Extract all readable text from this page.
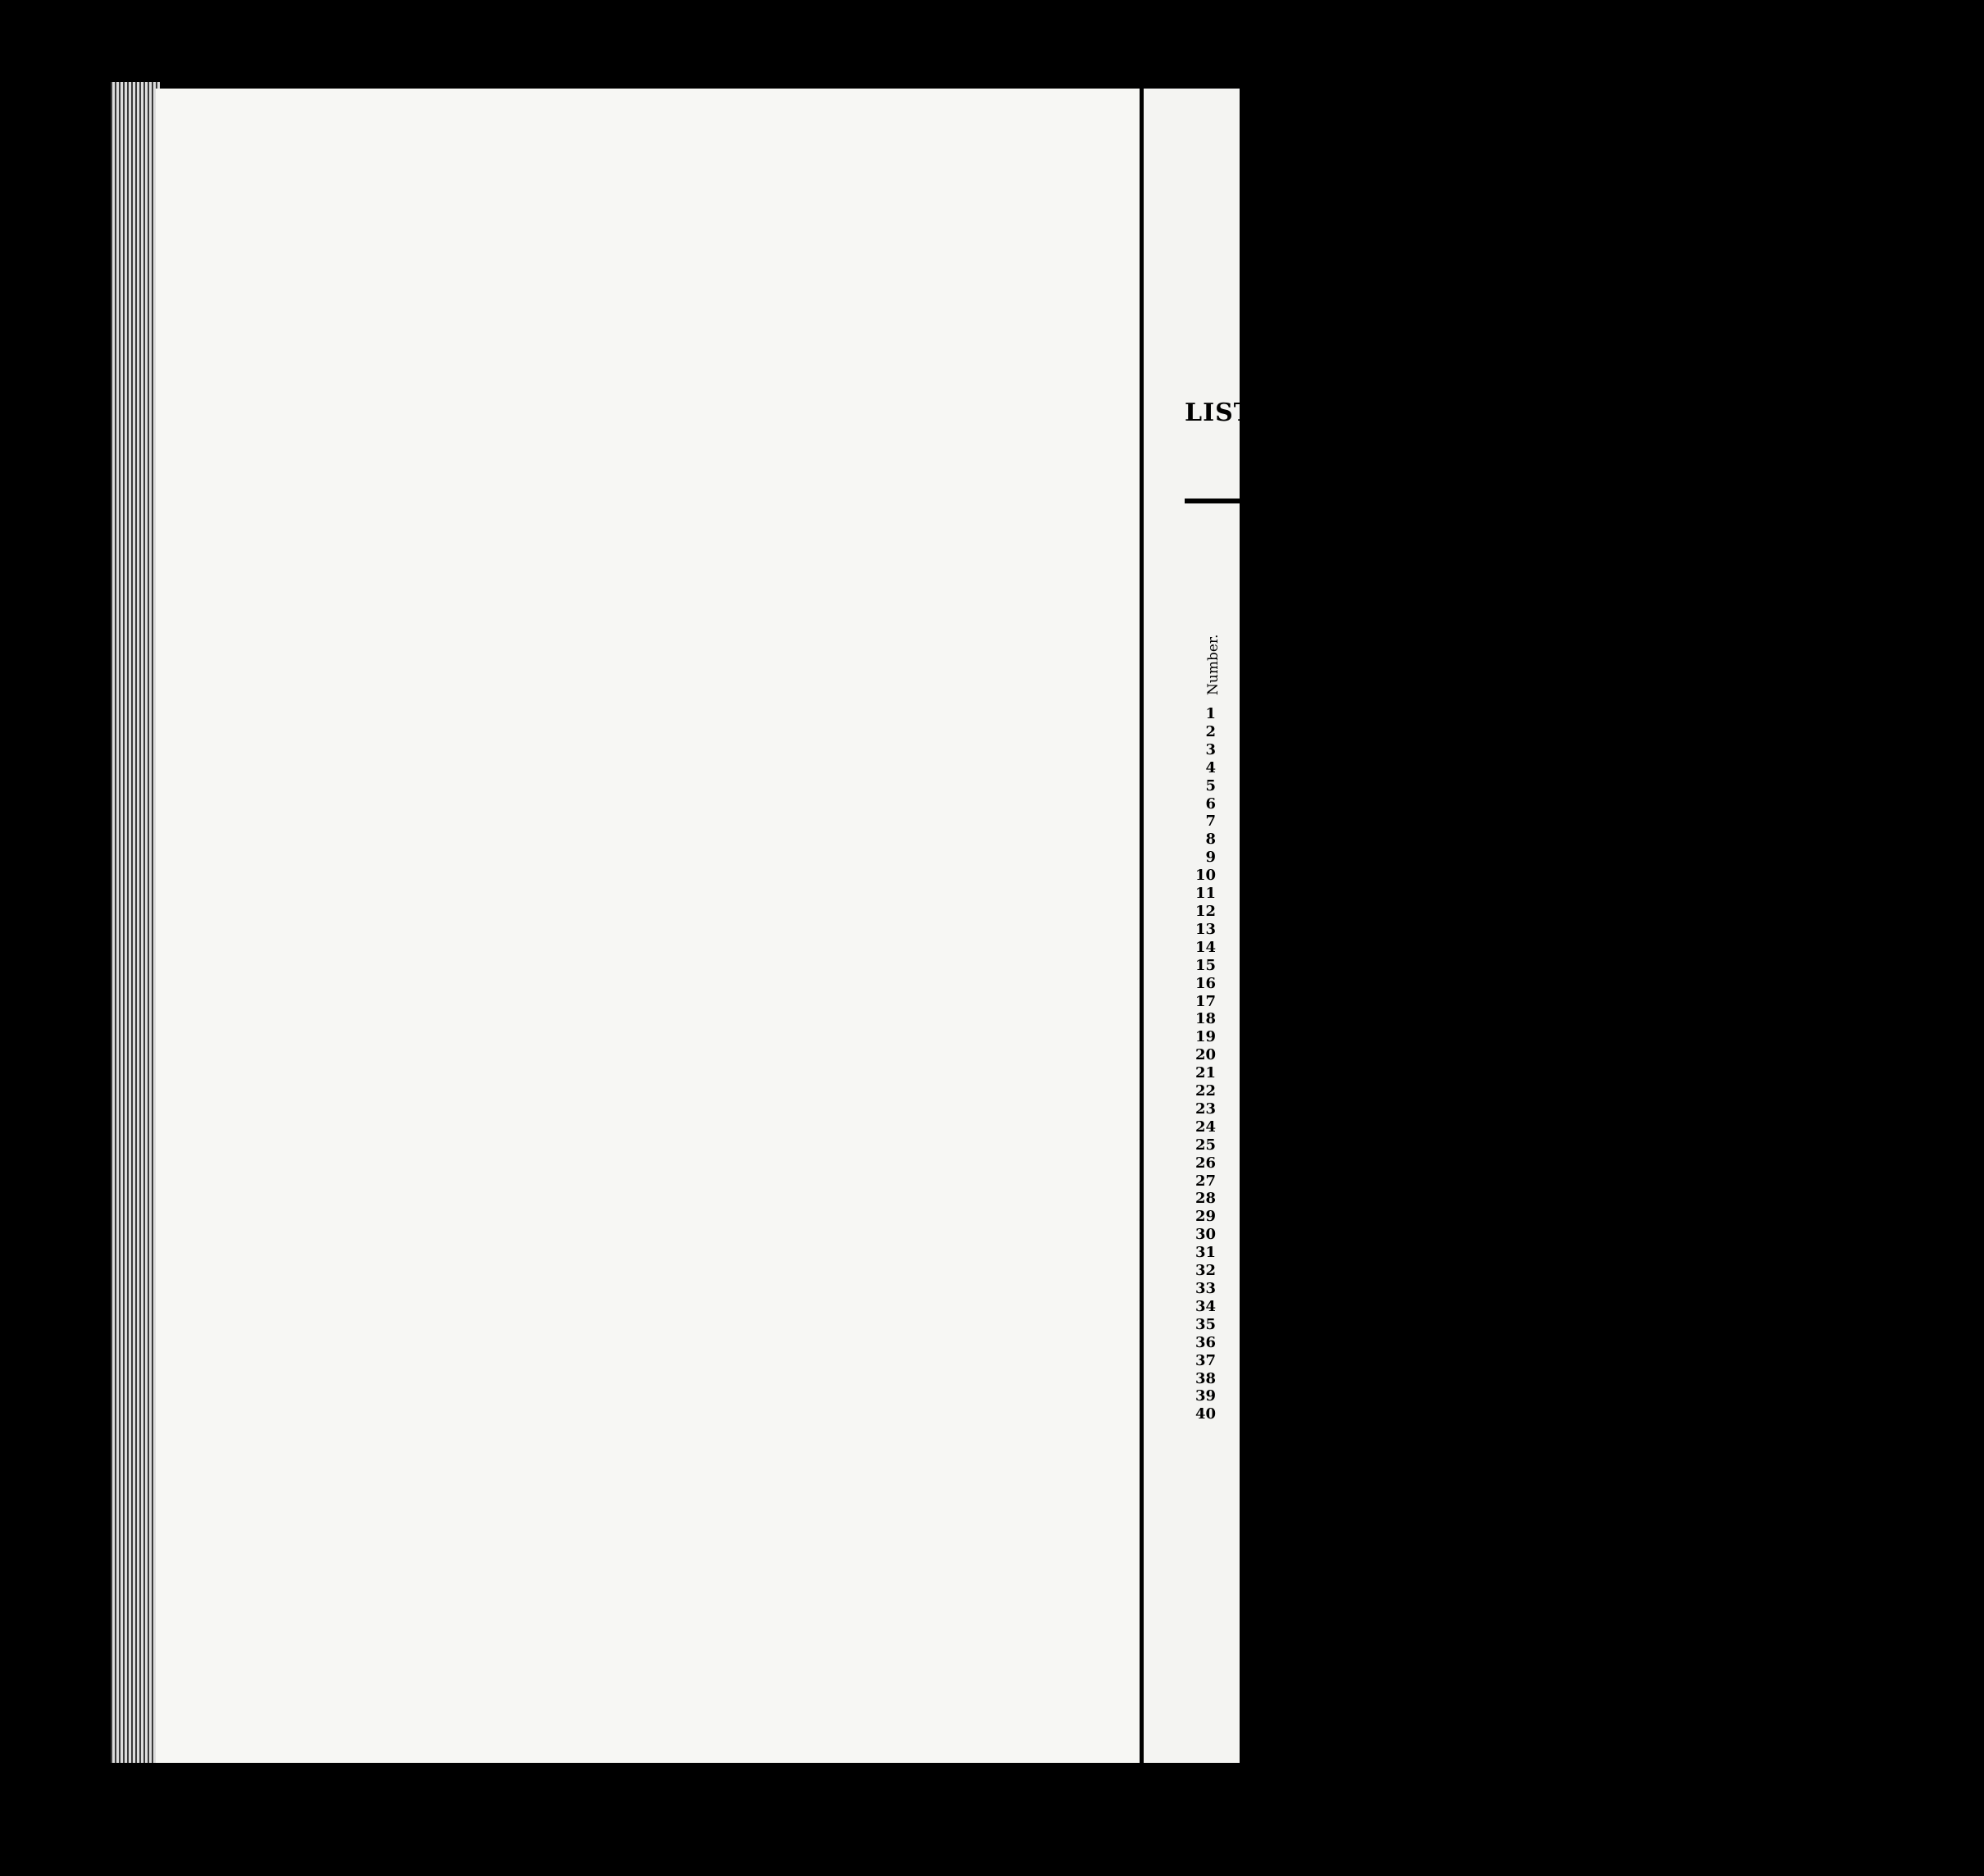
Statement showing the Number of Pilots for and below the Harbour of Quebec, &c.—Continued.
Number.	Names.	Age	Residence.	Number of Pilotages effected.			Casualties and Remarks.
				Upwards.	Downwards.	Moorages.	
169	Alfred Turgeon	26	St. John, Isle of Orleans	5	4	5	
170	Jos. Emilie Couillard	27	Quebec	5	5	6	Has commanded the Pilot Schooner No. 3 dur- [the whole season.
171	Louis Albert Boyer	33	St. John, Isle of Orleans	5	4	6	
172	Adelard Sansterre	28	St. Michel, Bellechasse	5	5	6	
173	Onésime Noel	26	St. John, Isle of Orleans			0	Suspended from last year till the 9th Nov.
174	Napoléon Baillargeon	28	Ste. Pétronille, Isle of Orleans	1	1	5	
175	David F. Pelletier	26	Lauzon, Lévis	5	7	5	
176	Jos. Frs. Xavier Bernier	26	L'Islet	4	6	6	
177	Frs.-Xavier Demeule	26	St. John, Isle of Orleans	5	5	5	
178	Louis Honoré Lapierre	28	Notre Dame, Lévis	5	4	5	
179	Jos. Eugène Lachance	24	St. John, Isle of Orleans	5	4	5	
180	David Arthur Bouffard	24	do do	5	5	5	
181	Jean Théophile St. Laurent	27	St. Germain, Rimouski	5	5	5	
182	Jacques George Dugas	26	Quebec	5	6	6	
183	Jos. Victor Gourdeau	26	Ste. Pétronille, Isle of Orleans	5	4	5	
184	Louis alias Treflé Delisle	31	Trois-Pistoles	5	5	5	
185	Jean-Bte. Couillard	27	Cap St. Ignace	5	5	6	
186	Chas. Pelletier	28	St. Michel, Bellechasse	5	5	5	
187	Jos. alias Philéas Langlois	32	St. John, Isle of Orleans	5	5	5	
188	Nazaire Delisle	29	do do	5	5	5	
189	J. E. Bonaventure Lavoie	26	Ste. Luce	5	5	5	Licensed, 7th April.
190	Alexis Vésina	28	Crane Island	5	5	5	do do
191	Adjutor Baillargeon	24	Ste. Pétronille, Isle of Orleans	5	5	5	do 8th May.
192	Samuel Rioux	25	Quebec	4	6	2	do 14th August.
193	Chs. Oct. Clavet	24	St. Michel, Bellechasse	2	3	2	do 23rd October.
194	Joseph Dion	22	Green Island	0	1	0	
Certified,
A. H VERRET, Secretary-Treasurer.
LIST
Number.
1
2
3
4
5
6
7
8
9
10
11
12
13
14
15
16
17
18
19
20
21
22
23
24
25
26
27
28
29
30
31
32
33
34
35
36
37
38
39
40
